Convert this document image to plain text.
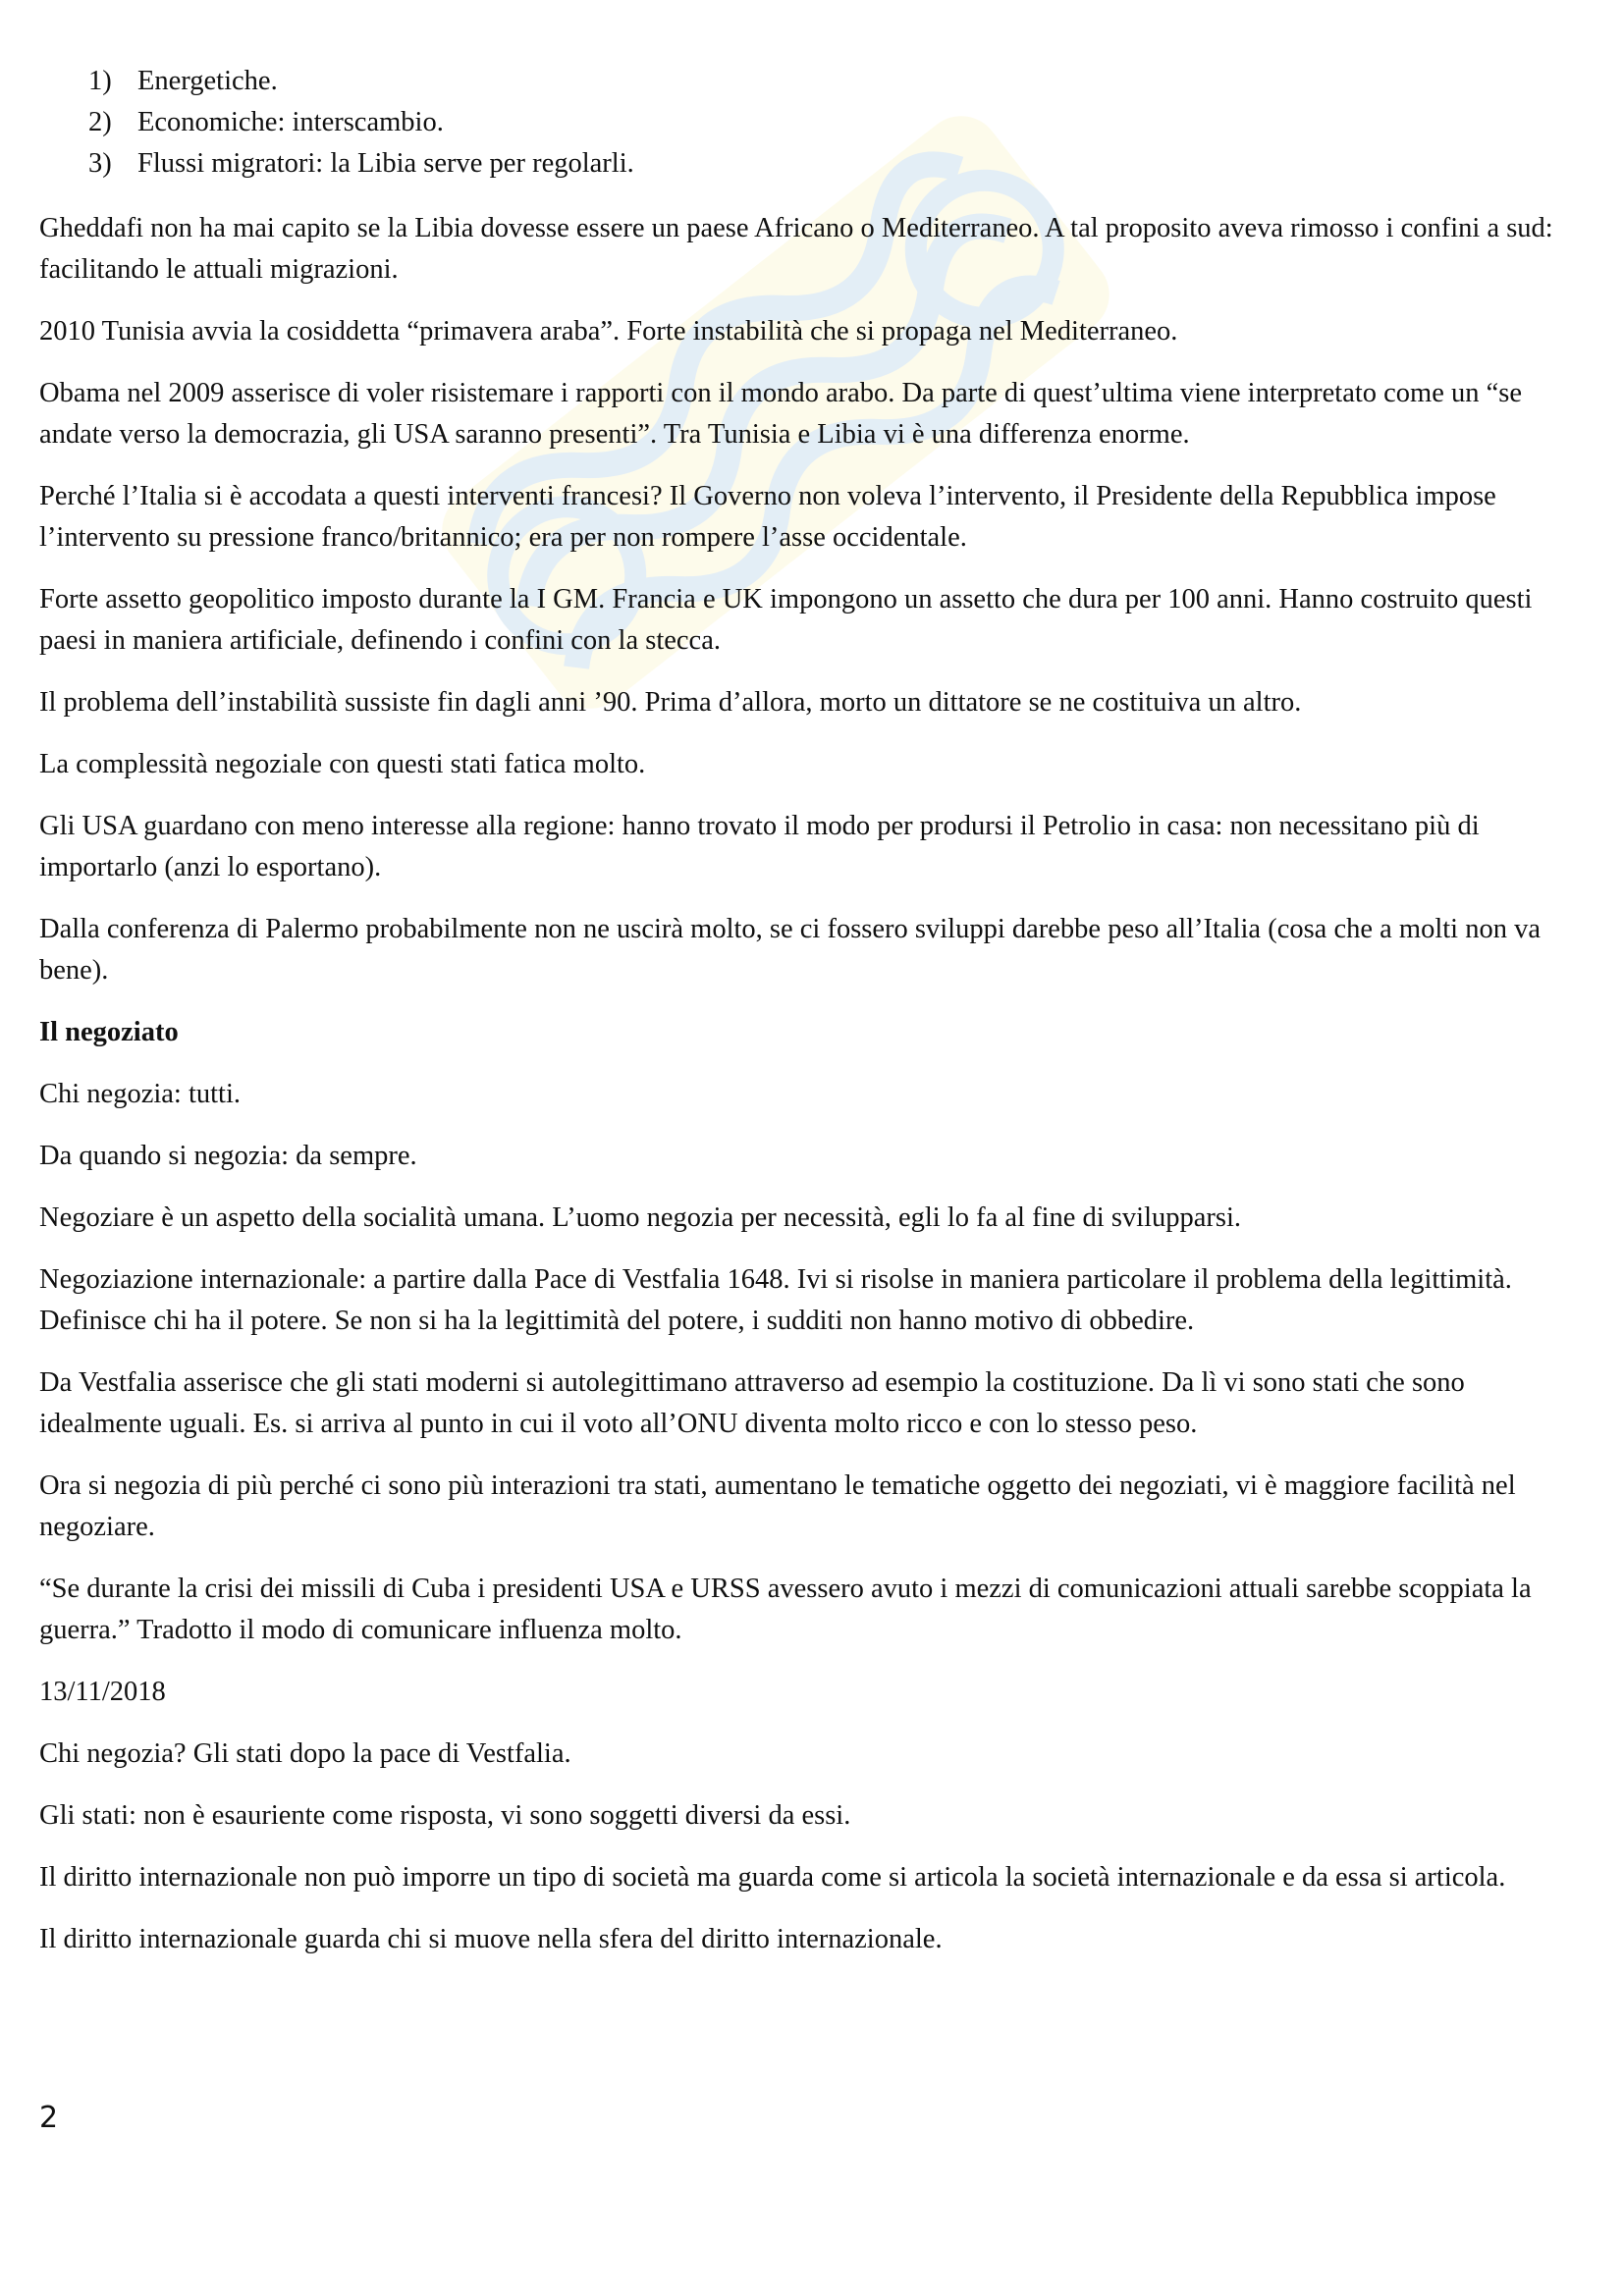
1) Energetiche.
2) Economiche: interscambio.
3) Flussi migratori: la Libia serve per regolarli.

Gheddafi non ha mai capito se la Libia dovesse essere un paese Africano o Mediterraneo. A tal proposito aveva rimosso i confini a sud: facilitando le attuali migrazioni.

2010 Tunisia avvia la cosiddetta “primavera araba”. Forte instabilità che si propaga nel Mediterraneo.

Obama nel 2009 asserisce di voler risistemare i rapporti con il mondo arabo. Da parte di quest’ultima viene interpretato come un “se andate verso la democrazia, gli USA saranno presenti”. Tra Tunisia e Libia vi è una differenza enorme.

Perché l’Italia si è accodata a questi interventi francesi? Il Governo non voleva l’intervento, il Presidente della Repubblica impose l’intervento su pressione franco/britannico; era per non rompere l’asse occidentale.

Forte assetto geopolitico imposto durante la I GM. Francia e UK impongono un assetto che dura per 100 anni. Hanno costruito questi paesi in maniera artificiale, definendo i confini con la stecca.

Il problema dell’instabilità sussiste fin dagli anni ’90. Prima d’allora, morto un dittatore se ne costituiva un altro.

La complessità negoziale con questi stati fatica molto.

Gli USA guardano con meno interesse alla regione: hanno trovato il modo per prodursi il Petrolio in casa: non necessitano più di importarlo (anzi lo esportano).

Dalla conferenza di Palermo probabilmente non ne uscirà molto, se ci fossero sviluppi darebbe peso all’Italia (cosa che a molti non va bene).

Il negoziato

Chi negozia: tutti.

Da quando si negozia: da sempre.

Negoziare è un aspetto della socialità umana. L’uomo negozia per necessità, egli lo fa al fine di svilupparsi.

Negoziazione internazionale: a partire dalla Pace di Vestfalia 1648. Ivi si risolse in maniera particolare il problema della legittimità. Definisce chi ha il potere. Se non si ha la legittimità del potere, i sudditi non hanno motivo di obbedire.

Da Vestfalia asserisce che gli stati moderni si autolegittimano attraverso ad esempio la costituzione. Da lì vi sono stati che sono idealmente uguali. Es. si arriva al punto in cui il voto all’ONU diventa molto ricco e con lo stesso peso.

Ora si negozia di più perché ci sono più interazioni tra stati, aumentano le tematiche oggetto dei negoziati, vi è maggiore facilità nel negoziare.

“Se durante la crisi dei missili di Cuba i presidenti USA e URSS avessero avuto i mezzi di comunicazioni attuali sarebbe scoppiata la guerra.” Tradotto il modo di comunicare influenza molto.

13/11/2018

Chi negozia? Gli stati dopo la pace di Vestfalia.

Gli stati: non è esauriente come risposta, vi sono soggetti diversi da essi.

Il diritto internazionale non può imporre un tipo di società ma guarda come si articola la società internazionale e da essa si articola.

Il diritto internazionale guarda chi si muove nella sfera del diritto internazionale.

2
